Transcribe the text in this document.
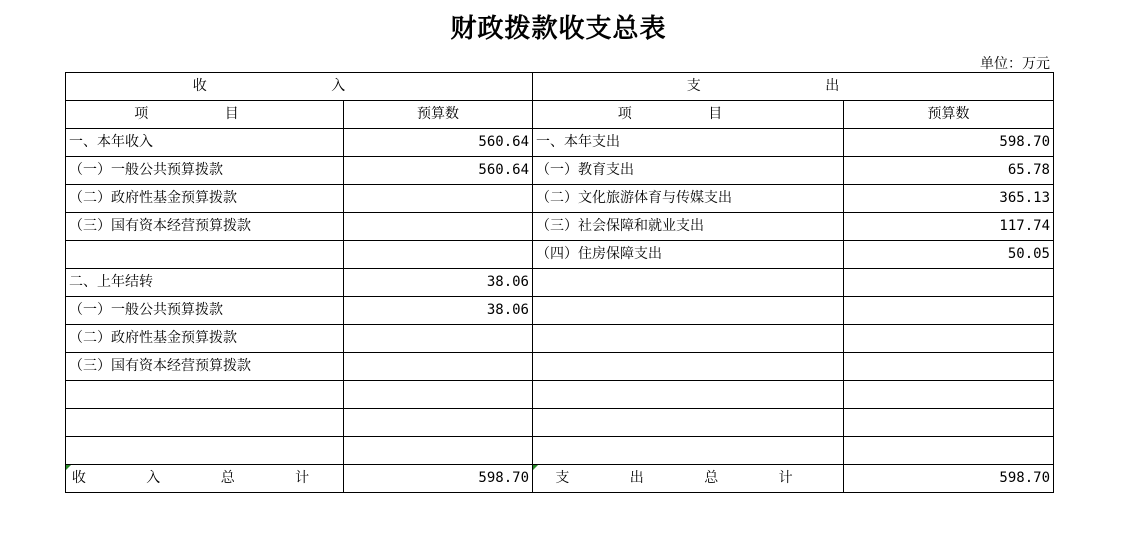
财政拨款收支总表
单位：万元
收 入		支 出	
项 目	预算数	项 目	预算数
一、本年收入	560.64	一、本年支出	598.70
（一）一般公共预算拨款	560.64	（一）教育支出	65.78
（二）政府性基金预算拨款		（二）文化旅游体育与传媒支出	365.13
（三）国有资本经营预算拨款		（三）社会保障和就业支出	117.74
		（四）住房保障支出	50.05
二、上年结转	38.06		
（一）一般公共预算拨款	38.06		
（二）政府性基金预算拨款			
（三）国有资本经营预算拨款			

收 入 总 计	598.70	支 出 总 计	598.70
